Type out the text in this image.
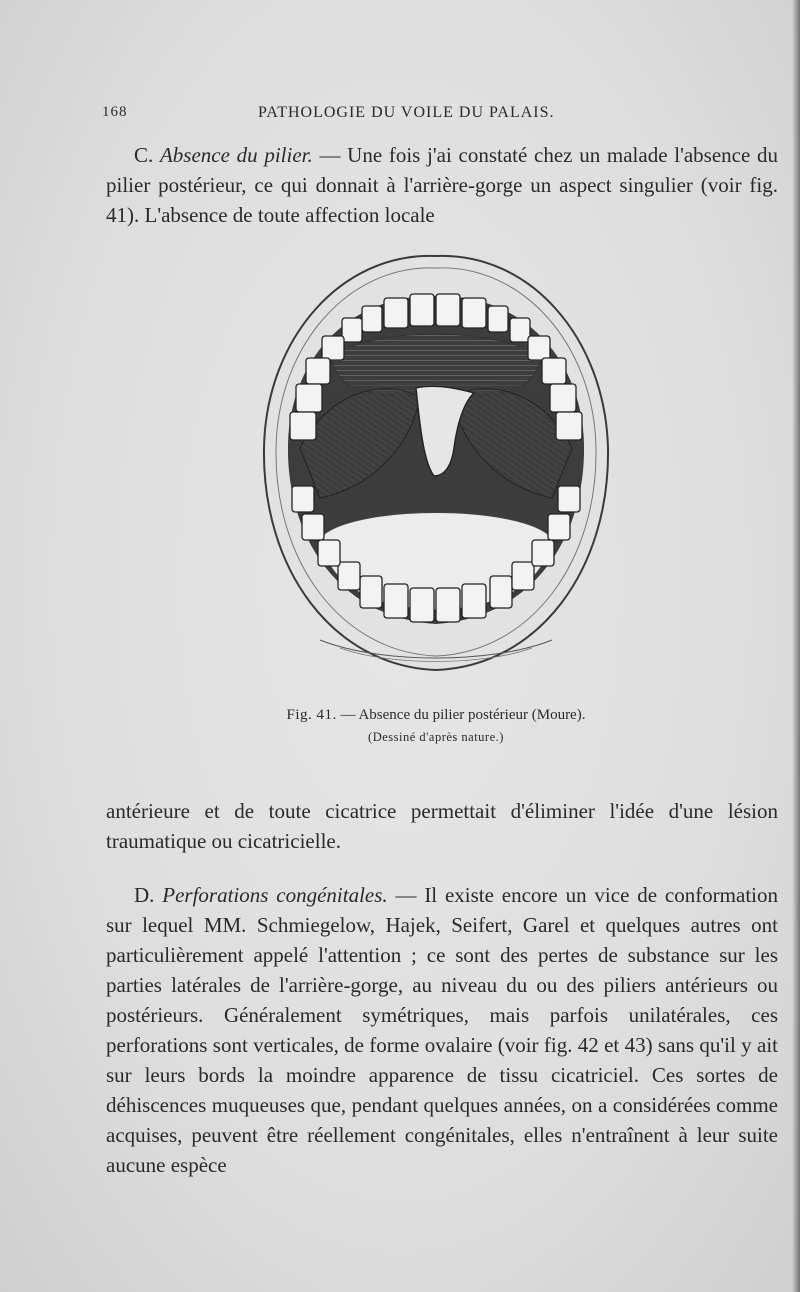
168	PATHOLOGIE DU VOILE DU PALAIS.

C. Absence du pilier. — Une fois j'ai constaté chez un malade l'absence du pilier postérieur, ce qui donnait à l'arrière-gorge un aspect singulier (voir fig. 41). L'absence de toute affection locale

Fig. 41. — Absence du pilier postérieur (Moure).
(Dessiné d'après nature.)

antérieure et de toute cicatrice permettait d'éliminer l'idée d'une lésion traumatique ou cicatricielle.

D. Perforations congénitales. — Il existe encore un vice de conformation sur lequel MM. Schmiegelow, Hajek, Seifert, Garel et quelques autres ont particulièrement appelé l'attention ; ce sont des pertes de substance sur les parties latérales de l'arrière-gorge, au niveau du ou des piliers antérieurs ou postérieurs. Généralement symétriques, mais parfois unilatérales, ces perforations sont verticales, de forme ovalaire (voir fig. 42 et 43) sans qu'il y ait sur leurs bords la moindre apparence de tissu cicatriciel. Ces sortes de déhiscences muqueuses que, pendant quelques années, on a considérées comme acquises, peuvent être réellement congénitales, elles n'entraînent à leur suite aucune espèce
